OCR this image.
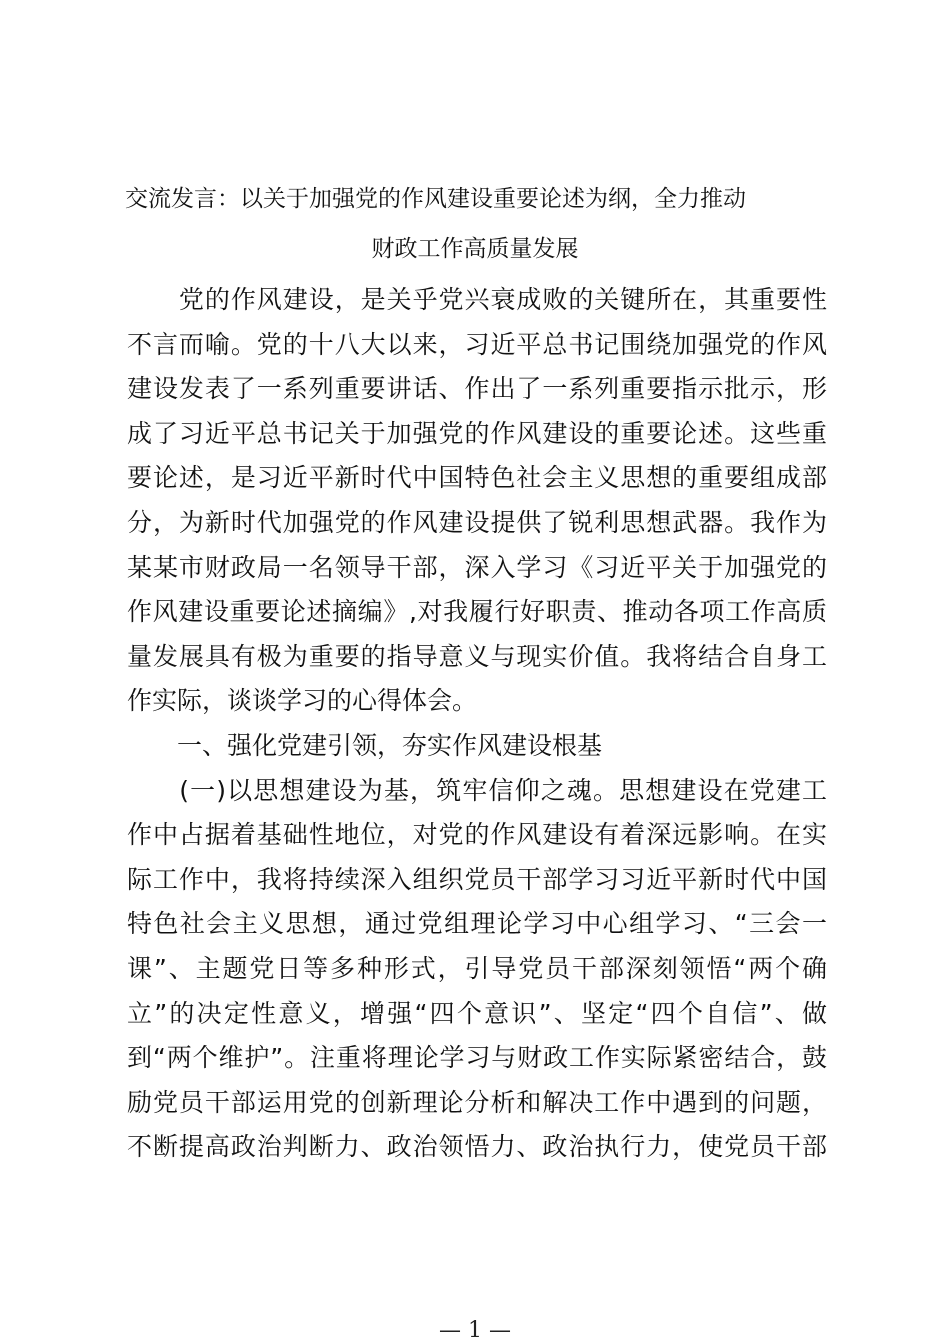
交流发言：以关于加强党的作风建设重要论述为纲，全力推动
财政工作高质量发展
　　党的作风建设，是关乎党兴衰成败的关键所在，其重要性
不言而喻。党的十八大以来，习近平总书记围绕加强党的作风
建设发表了一系列重要讲话、作出了一系列重要指示批示，形
成了习近平总书记关于加强党的作风建设的重要论述。这些重
要论述，是习近平新时代中国特色社会主义思想的重要组成部
分，为新时代加强党的作风建设提供了锐利思想武器。我作为
某某市财政局一名领导干部，深入学习《习近平关于加强党的
作风建设重要论述摘编》,对我履行好职责、推动各项工作高质
量发展具有极为重要的指导意义与现实价值。我将结合自身工
作实际，谈谈学习的心得体会。
　　一、强化党建引领，夯实作风建设根基
　　(一)以思想建设为基，筑牢信仰之魂。思想建设在党建工
作中占据着基础性地位，对党的作风建设有着深远影响。在实
际工作中，我将持续深入组织党员干部学习习近平新时代中国
特色社会主义思想，通过党组理论学习中心组学习、“三会一
课”、主题党日等多种形式，引导党员干部深刻领悟“两个确
立”的决定性意义，增强“四个意识”、坚定“四个自信”、做
到“两个维护”。注重将理论学习与财政工作实际紧密结合，鼓
励党员干部运用党的创新理论分析和解决工作中遇到的问题，
不断提高政治判断力、政治领悟力、政治执行力，使党员干部
— 1 —
